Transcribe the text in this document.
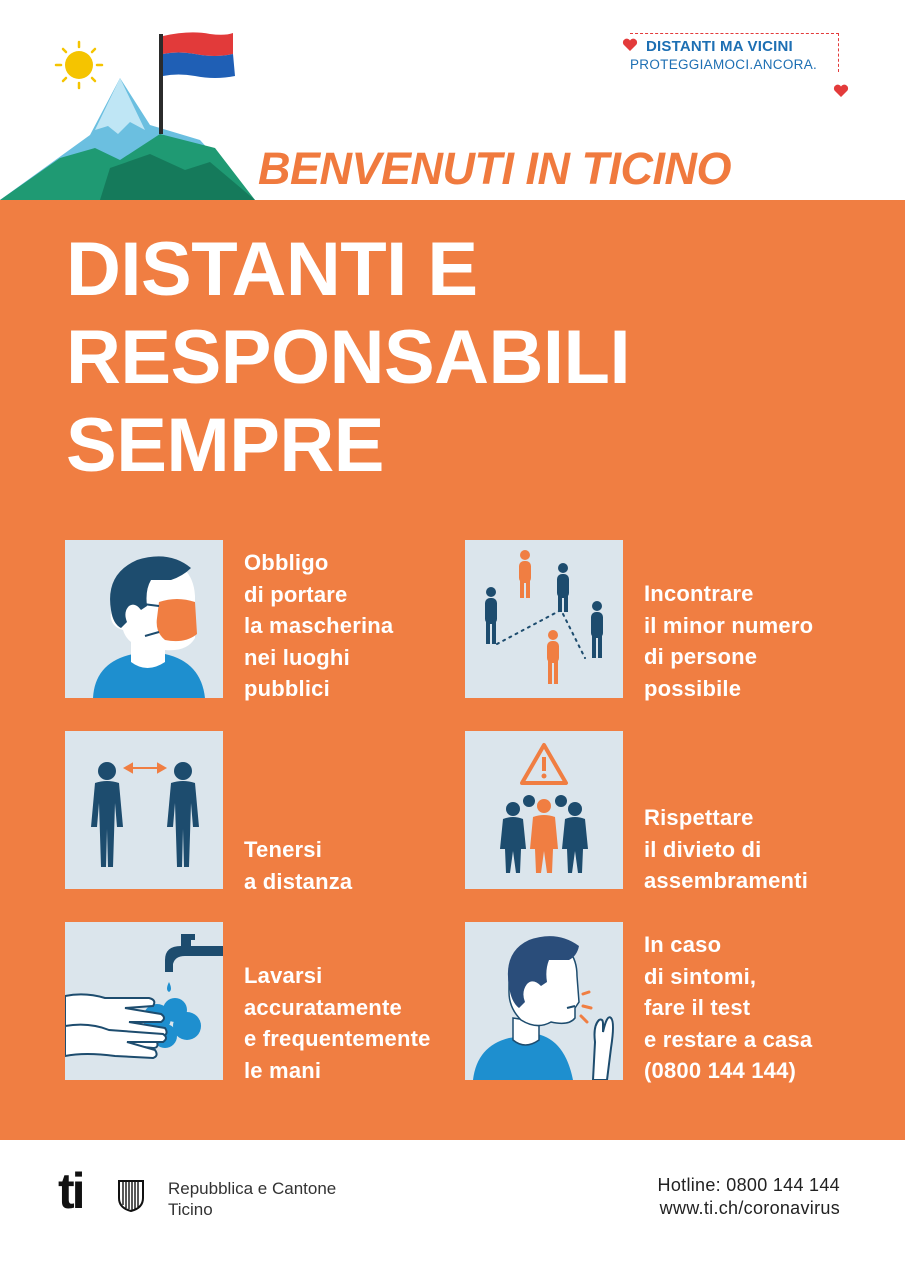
DISTANTI MA VICINI
PROTEGGIAMOCI.ANCORA.
BENVENUTI IN TICINO
DISTANTI E
RESPONSABILI
SEMPRE
Obbligo
di portare
la mascherina
nei luoghi
pubblici
Incontrare
il minor numero
di persone
possibile
Tenersi
a distanza
Rispettare
il divieto di
assembramenti
Lavarsi
accuratamente
e frequentemente
le mani
In caso
di sintomi,
fare il test
e restare a casa
(0800 144 144)
ti	Repubblica e Cantone
Ticino
Hotline: 0800 144 144
www.ti.ch/coronavirus
